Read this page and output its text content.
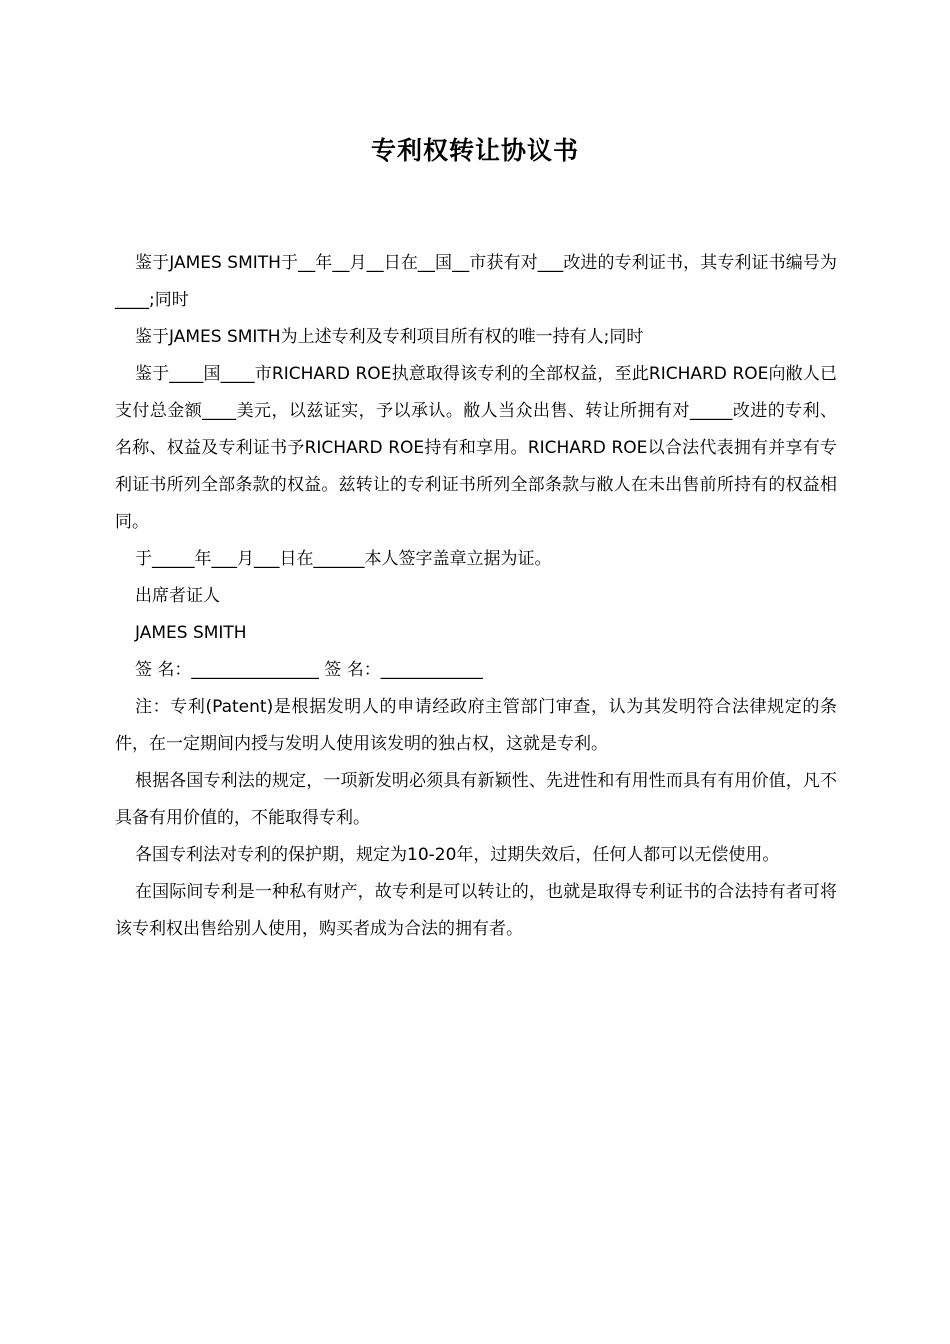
专利权转让协议书

鉴于JAMES SMITH于__年__月__日在__国__市获有对___改进的专利证书，其专利证书编号为____;同时

鉴于JAMES SMITH为上述专利及专利项目所有权的唯一持有人;同时

鉴于____国____市RICHARD ROE执意取得该专利的全部权益，至此RICHARD ROE向敝人已支付总金额____美元，以兹证实，予以承认。敝人当众出售、转让所拥有对_____改进的专利、名称、权益及专利证书予RICHARD ROE持有和享用。RICHARD ROE以合法代表拥有并享有专利证书所列全部条款的权益。兹转让的专利证书所列全部条款与敝人在未出售前所持有的权益相同。

于_____年___月___日在______本人签字盖章立据为证。

出席者证人

JAMES SMITH

签 名：_______________ 签 名：____________

注：专利(Patent)是根据发明人的申请经政府主管部门审查，认为其发明符合法律规定的条件，在一定期间内授与发明人使用该发明的独占权，这就是专利。

根据各国专利法的规定，一项新发明必须具有新颖性、先进性和有用性而具有有用价值，凡不具备有用价值的，不能取得专利。

各国专利法对专利的保护期，规定为10-20年，过期失效后，任何人都可以无偿使用。

在国际间专利是一种私有财产，故专利是可以转让的，也就是取得专利证书的合法持有者可将该专利权出售给别人使用，购买者成为合法的拥有者。
